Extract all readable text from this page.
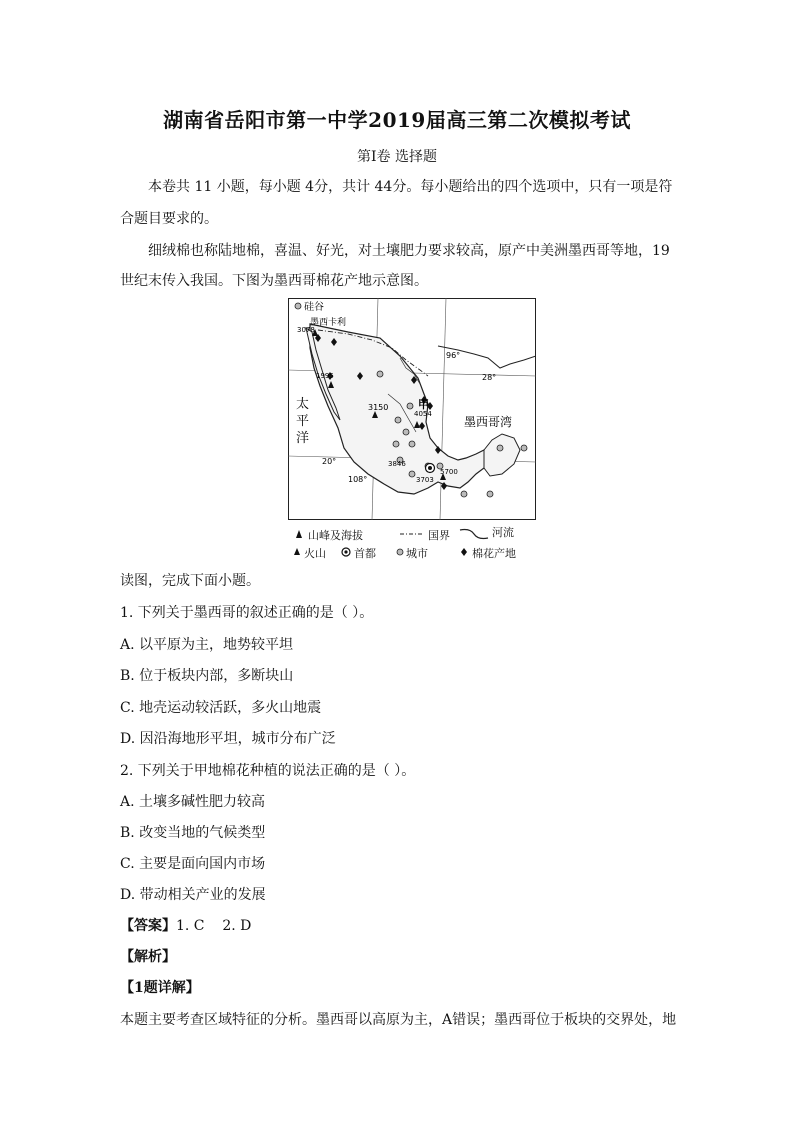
湖南省岳阳市第一中学2019届高三第二次模拟考试
第Ⅰ卷 选择题
本卷共 11 小题，每小题 4分，共计 44分。每小题给出的四个选项中，只有一项是符
合题目要求的。
细绒棉也称陆地棉，喜温、好光，对土壤肥力要求较高，原产中美洲墨西哥等地，19
世纪末传入我国。下图为墨西哥棉花产地示意图。
硅谷
墨西卡利
3078
1995
3150
4054
3846
5700
3703
96°
28°
20°
108°
甲
墨西哥湾
太
平
洋
山峰及海拔	国界	河流
火山	首都	城市	棉花产地
读图，完成下面小题。
1. 下列关于墨西哥的叙述正确的是（ ）。
A. 以平原为主，地势较平坦
B. 位于板块内部，多断块山
C. 地壳运动较活跃，多火山地震
D. 因沿海地形平坦，城市分布广泛
2. 下列关于甲地棉花种植的说法正确的是（ ）。
A. 土壤多碱性肥力较高
B. 改变当地的气候类型
C. 主要是面向国内市场
D. 带动相关产业的发展
【答案】1. C    2. D
【解析】
【1题详解】
本题主要考查区域特征的分析。墨西哥以高原为主，A错误；墨西哥位于板块的交界处，地
